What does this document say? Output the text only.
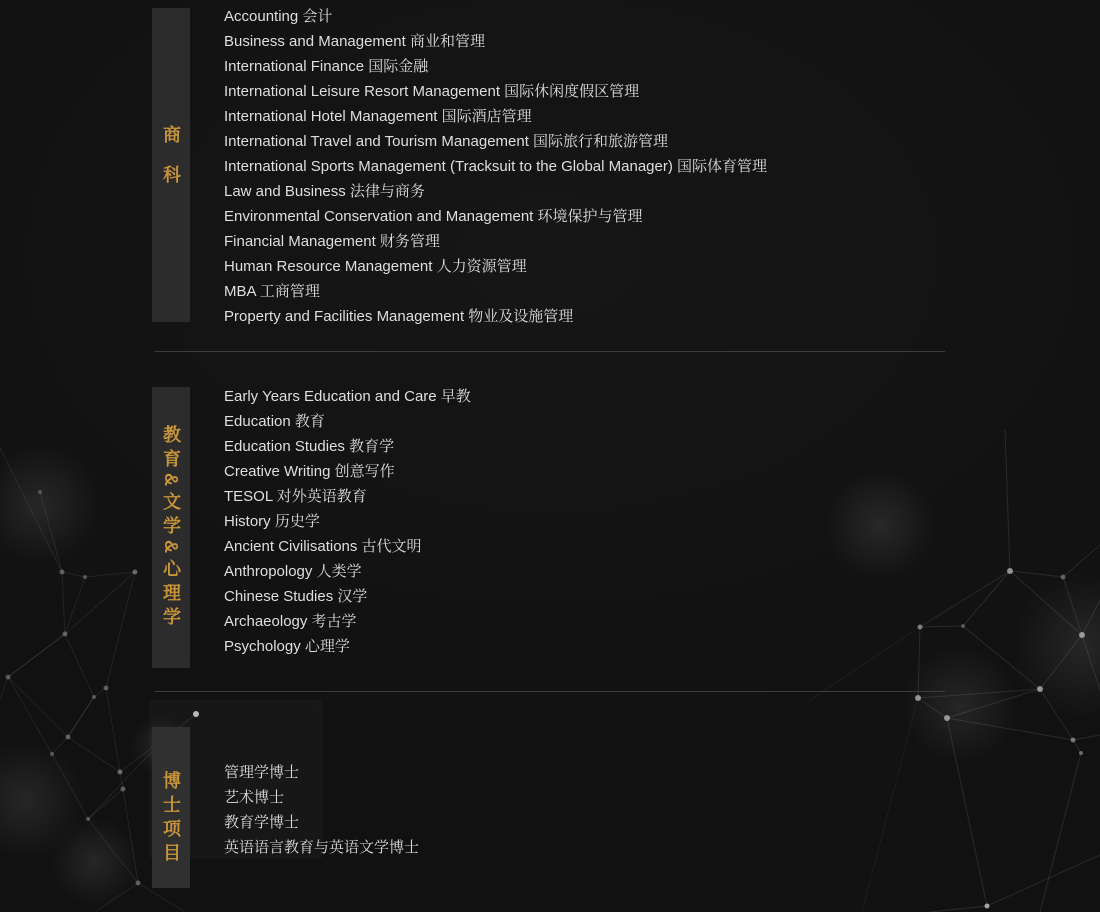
商科
Accounting 会计
Business and Management 商业和管理
International Finance 国际金融
International Leisure Resort Management 国际休闲度假区管理
International Hotel Management 国际酒店管理
International Travel and Tourism Management 国际旅行和旅游管理
International Sports Management (Tracksuit to the Global Manager) 国际体育管理
Law and Business 法律与商务
Environmental Conservation and Management 环境保护与管理
Financial Management 财务管理
Human Resource Management 人力资源管理
MBA 工商管理
Property and Facilities Management 物业及设施管理
教育&文学&心理学
Early Years Education and Care 早教
Education 教育
Education Studies 教育学
Creative Writing 创意写作
TESOL 对外英语教育
History 历史学
Ancient Civilisations 古代文明
Anthropology 人类学
Chinese Studies 汉学
Archaeology 考古学
Psychology 心理学
博士项目	管理学博士
艺术博士
教育学博士
英语语言教育与英语文学博士
